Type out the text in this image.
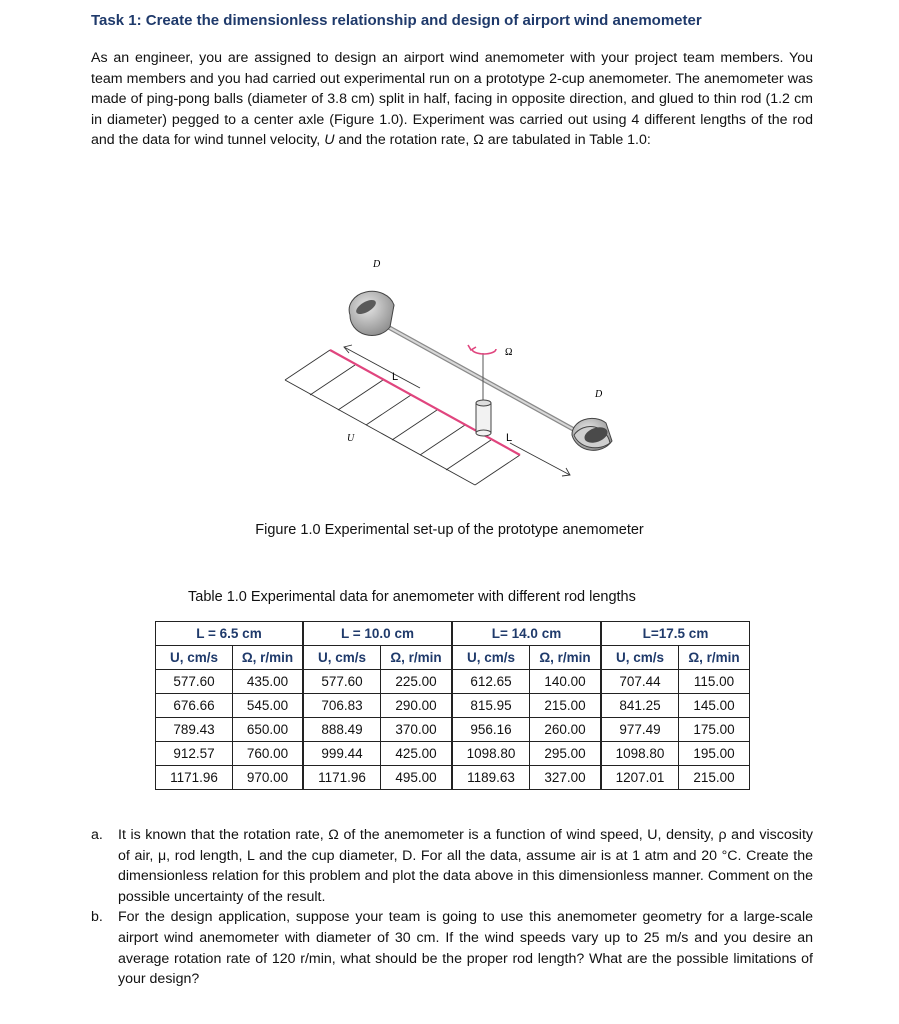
Task 1: Create the dimensionless relationship and design of airport wind anemometer
As an engineer, you are assigned to design an airport wind anemometer with your project team members. You team members and you had carried out experimental run on a prototype 2-cup anemometer. The anemometer was made of ping-pong balls (diameter of 3.8 cm) split in half, facing in opposite direction, and glued to thin rod (1.2 cm in diameter) pegged to a center axle (Figure 1.0). Experiment was carried out using 4 different lengths of the rod and the data for wind tunnel velocity, U and the rotation rate, Ω are tabulated in Table 1.0:
D
D
L
L
U
Ω
Figure 1.0 Experimental set-up of the prototype anemometer
Table 1.0 Experimental data for anemometer with different rod lengths
L = 6.5 cm		L = 10.0 cm		L= 14.0 cm		L=17.5 cm	
U, cm/s	Ω, r/min	U, cm/s	Ω, r/min	U, cm/s	Ω, r/min	U, cm/s	Ω, r/min
577.60	435.00	577.60	225.00	612.65	140.00	707.44	115.00
676.66	545.00	706.83	290.00	815.95	215.00	841.25	145.00
789.43	650.00	888.49	370.00	956.16	260.00	977.49	175.00
912.57	760.00	999.44	425.00	1098.80	295.00	1098.80	195.00
1171.96	970.00	1171.96	495.00	1189.63	327.00	1207.01	215.00
a. It is known that the rotation rate, Ω of the anemometer is a function of wind speed, U, density, ρ and viscosity of air, μ, rod length, L and the cup diameter, D. For all the data, assume air is at 1 atm and 20 °C. Create the dimensionless relation for this problem and plot the data above in this dimensionless manner. Comment on the possible uncertainty of the result.
b. For the design application, suppose your team is going to use this anemometer geometry for a large-scale airport wind anemometer with diameter of 30 cm. If the wind speeds vary up to 25 m/s and you desire an average rotation rate of 120 r/min, what should be the proper rod length? What are the possible limitations of your design?
